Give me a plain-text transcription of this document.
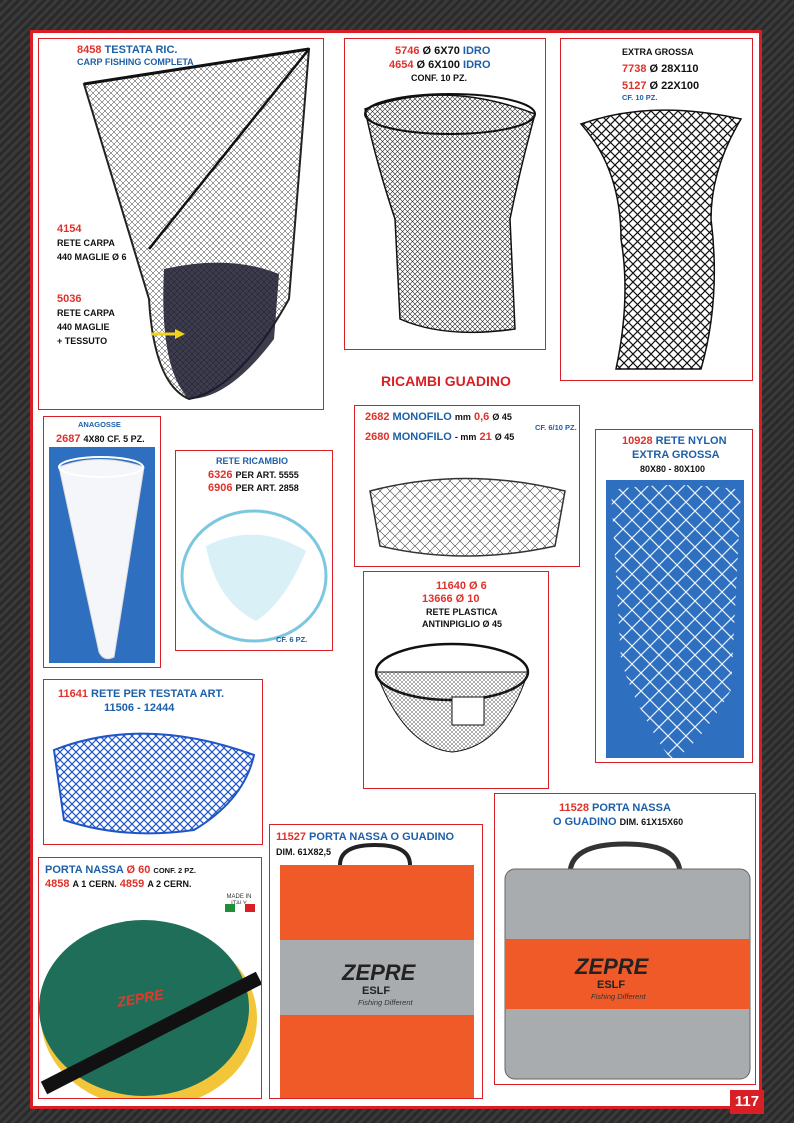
8458 TESTATA RIC.
CARP FISHING COMPLETA
4154
RETE CARPA
440 MAGLIE Ø 6
5036
RETE CARPA
440 MAGLIE
+ TESSUTO
5746 Ø 6X70 IDRO
4654 Ø 6X100 IDRO
CONF. 10 PZ.
EXTRA GROSSA
7738 Ø 28X110
5127 Ø 22X100
CF. 10 PZ.
RICAMBI GUADINO
ANAGOSSE
2687 4X80 CF. 5 PZ.
RETE RICAMBIO
6326 PER ART. 5555
6906 PER ART. 2858
CF. 6 PZ.
2682 MONOFILO mm 0,6 Ø 45
2680 MONOFILO - mm 21 Ø 45
CF. 6/10 PZ.
10928 RETE NYLON
EXTRA GROSSA
80X80 - 80X100
11640 Ø 6
13666 Ø 10
RETE PLASTICA
ANTINPIGLIO Ø 45
11641 RETE PER TESTATA ART.
11506 - 12444
PORTA NASSA Ø 60 CONF. 2 PZ.
4858 A 1 CERN. 4859 A 2 CERN.
MADE IN
ZEPRE
11527 PORTA NASSA O GUADINO
DIM. 61X82,5
ZEPRE
ESLF
Fishing Different
11528 PORTA NASSA
O GUADINO DIM. 61X15X60
ZEPRE
ESLF
Fishing Different
117
